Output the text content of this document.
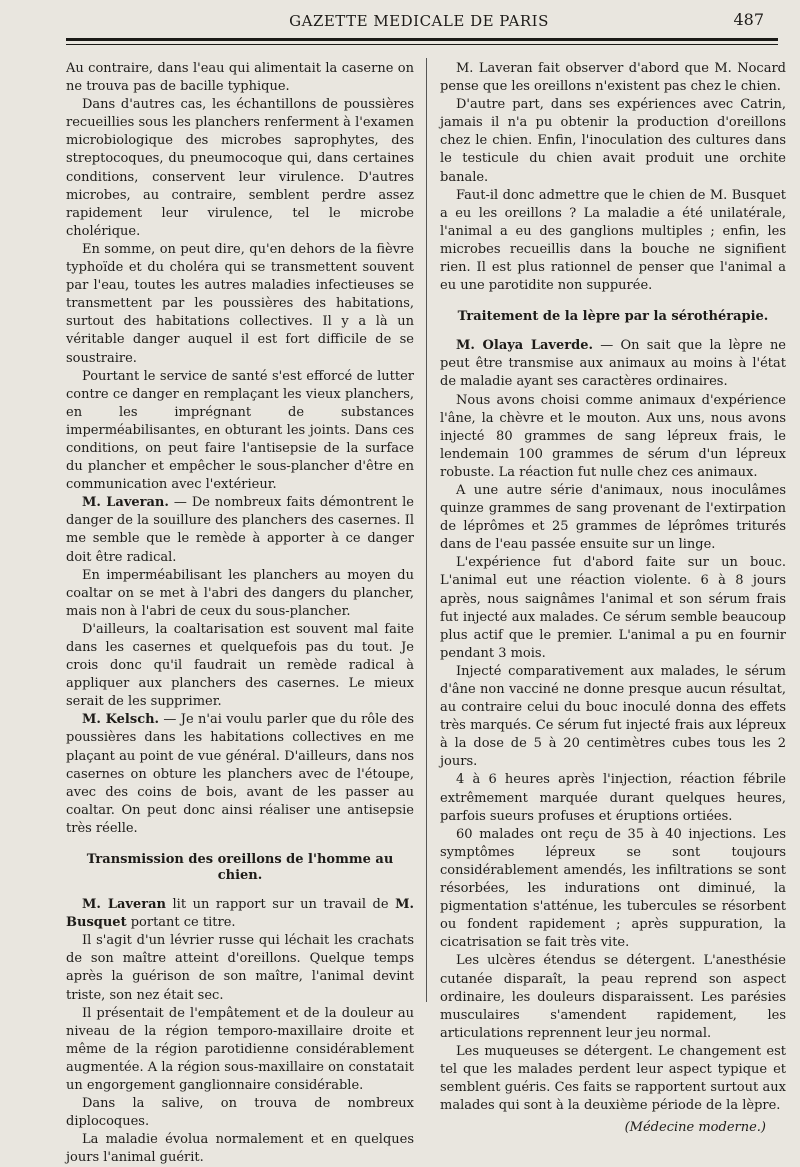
GAZETTE MEDICALE DE PARIS	487

Au contraire, dans l'eau qui alimentait la caserne on ne trouva pas de bacille typhique.

Dans d'autres cas, les échantillons de poussières recueillies sous les planchers renferment à l'examen microbiologique des microbes saprophytes, des streptocoques, du pneumocoque qui, dans certaines conditions, conservent leur virulence. D'autres microbes, au contraire, semblent perdre assez rapidement leur virulence, tel le microbe cholérique.

En somme, on peut dire, qu'en dehors de la fièvre typhoïde et du choléra qui se transmettent souvent par l'eau, toutes les autres maladies infectieuses se transmettent par les poussières des habitations, surtout des habitations collectives. Il y a là un véritable danger auquel il est fort difficile de se soustraire.

Pourtant le service de santé s'est efforcé de lutter contre ce danger en remplaçant les vieux planchers, en les imprégnant de substances imperméabilisantes, en obturant les joints. Dans ces conditions, on peut faire l'antisepsie de la surface du plancher et empêcher le sous-plancher d'être en communication avec l'extérieur.

M. Laveran. — De nombreux faits démontrent le danger de la souillure des planchers des casernes. Il me semble que le remède à apporter à ce danger doit être radical.

En imperméabilisant les planchers au moyen du coaltar on se met à l'abri des dangers du plancher, mais non à l'abri de ceux du sous-plancher.

D'ailleurs, la coaltarisation est souvent mal faite dans les casernes et quelquefois pas du tout. Je crois donc qu'il faudrait un remède radical à appliquer aux planchers des casernes. Le mieux serait de les supprimer.

M. Kelsch. — Je n'ai voulu parler que du rôle des poussières dans les habitations collectives en me plaçant au point de vue général. D'ailleurs, dans nos casernes on obture les planchers avec de l'étoupe, avec des coins de bois, avant de les passer au coaltar. On peut donc ainsi réaliser une antisepsie très réelle.

Transmission des oreillons de l'homme au chien.

M. Laveran lit un rapport sur un travail de M. Busquet portant ce titre.

Il s'agit d'un lévrier russe qui léchait les crachats de son maître atteint d'oreillons. Quelque temps après la guérison de son maître, l'animal devint triste, son nez était sec.

Il présentait de l'empâtement et de la douleur au niveau de la région temporo-maxillaire droite et même de la région parotidienne considérablement augmentée. A la région sous-maxillaire on constatait un engorgement ganglionnaire considérable.

Dans la salive, on trouva de nombreux diplocoques.

La maladie évolua normalement et en quelques jours l'animal guérit.

M. Laveran fait observer d'abord que M. Nocard pense que les oreillons n'existent pas chez le chien.

D'autre part, dans ses expériences avec Catrin, jamais il n'a pu obtenir la production d'oreillons chez le chien. Enfin, l'inoculation des cultures dans le testicule du chien avait produit une orchite banale.

Faut-il donc admettre que le chien de M. Busquet a eu les oreillons ? La maladie a été unilatérale, l'animal a eu des ganglions multiples ; enfin, les microbes recueillis dans la bouche ne signifient rien. Il est plus rationnel de penser que l'animal a eu une parotidite non suppurée.

Traitement de la lèpre par la sérothérapie.

M. Olaya Laverde. — On sait que la lèpre ne peut être transmise aux animaux au moins à l'état de maladie ayant ses caractères ordinaires.

Nous avons choisi comme animaux d'expérience l'âne, la chèvre et le mouton. Aux uns, nous avons injecté 80 grammes de sang lépreux frais, le lendemain 100 grammes de sérum d'un lépreux robuste. La réaction fut nulle chez ces animaux.

A une autre série d'animaux, nous inoculâmes quinze grammes de sang provenant de l'extirpation de léprômes et 25 grammes de léprômes triturés dans de l'eau passée ensuite sur un linge.

L'expérience fut d'abord faite sur un bouc. L'animal eut une réaction violente. 6 à 8 jours après, nous saignâmes l'animal et son sérum frais fut injecté aux malades. Ce sérum semble beaucoup plus actif que le premier. L'animal a pu en fournir pendant 3 mois.

Injecté comparativement aux malades, le sérum d'âne non vacciné ne donne presque aucun résultat, au contraire celui du bouc inoculé donna des effets très marqués. Ce sérum fut injecté frais aux lépreux à la dose de 5 à 20 centimètres cubes tous les 2 jours.

4 à 6 heures après l'injection, réaction fébrile extrêmement marquée durant quelques heures, parfois sueurs profuses et éruptions ortiées.

60 malades ont reçu de 35 à 40 injections. Les symptômes lépreux se sont toujours considérablement amendés, les infiltrations se sont résorbées, les indurations ont diminué, la pigmentation s'atténue, les tubercules se résorbent ou fondent rapidement ; après suppuration, la cicatrisation se fait très vite.

Les ulcères étendus se détergent. L'anesthésie cutanée disparaît, la peau reprend son aspect ordinaire, les douleurs disparaissent. Les parésies musculaires s'amendent rapidement, les articulations reprennent leur jeu normal.

Les muqueuses se détergent. Le changement est tel que les malades perdent leur aspect typique et semblent guéris. Ces faits se rapportent surtout aux malades qui sont à la deuxième période de la lèpre.

(Médecine moderne.)
